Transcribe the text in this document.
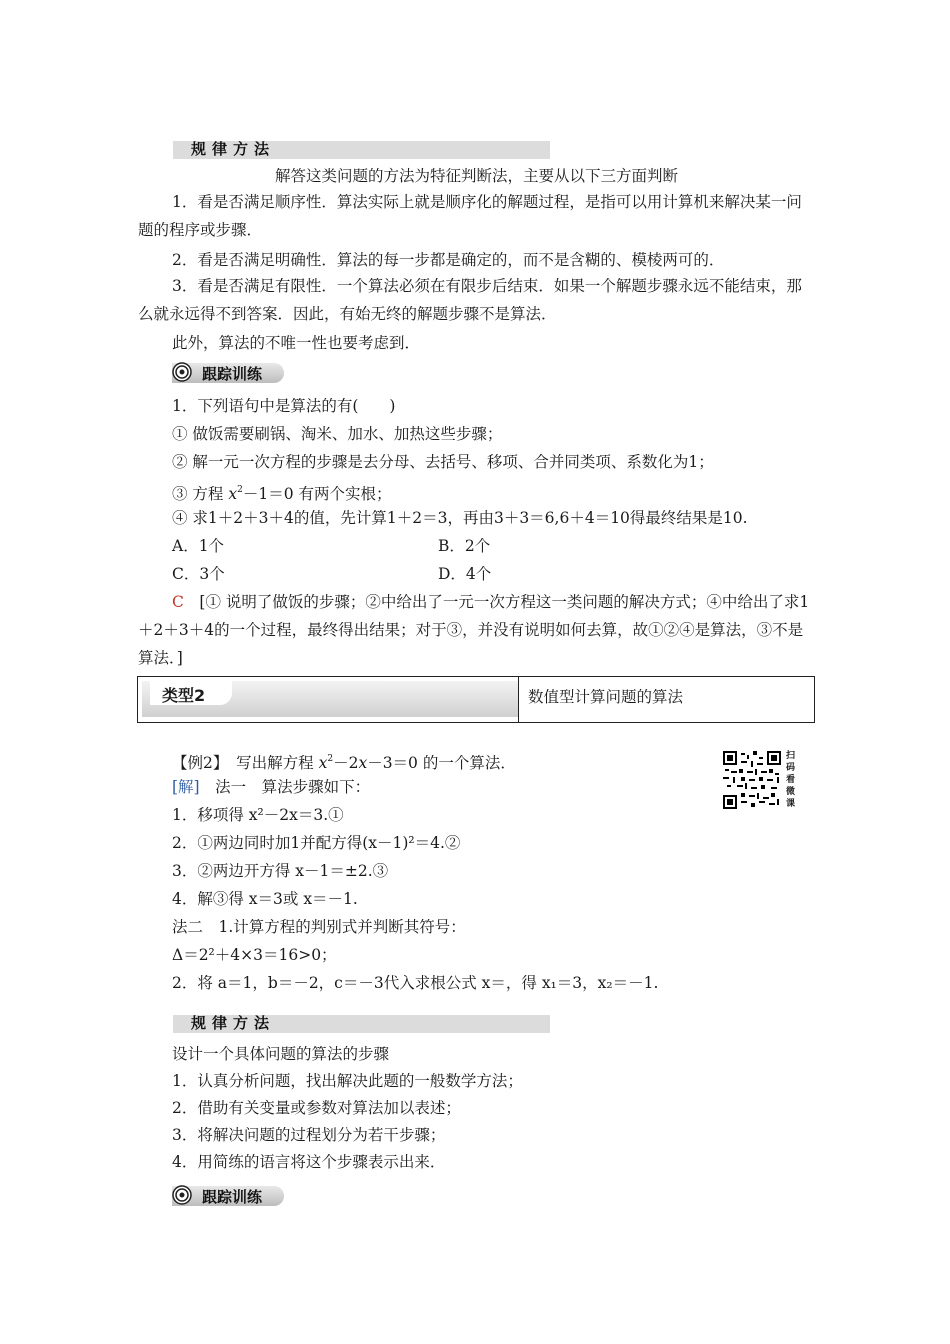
规律方法
解答这类问题的方法为特征判断法，主要从以下三方面判断
1．看是否满足顺序性．算法实际上就是顺序化的解题过程，是指可以用计算机来解决某一问题的程序或步骤．
2．看是否满足明确性．算法的每一步都是确定的，而不是含糊的、模棱两可的．
3．看是否满足有限性．一个算法必须在有限步后结束．如果一个解题步骤永远不能结束，那么就永远得不到答案．因此，有始无终的解题步骤不是算法．
此外，算法的不唯一性也要考虑到．
跟踪训练
1．下列语句中是算法的有(　　)
① 做饭需要刷锅、淘米、加水、加热这些步骤；
② 解一元一次方程的步骤是去分母、去括号、移项、合并同类项、系数化为1；
③ 方程 $x^2-1=0$ 有两个实根；
④ 求1＋2＋3＋4的值，先计算1＋2＝3，再由3＋3＝6,6＋4＝10得最终结果是10.
A．1个	B．2个
C．3个	D．4个
C　 [① 说明了做饭的步骤；②中给出了一元一次方程这一类问题的解决方式；④中给出了求1＋2＋3＋4的一个过程，最终得出结果；对于③，并没有说明如何去算，故①②④是算法，③不是算法．]
类型2	数值型计算问题的算法
【例2】　 写出解方程 $x^2-2x-3=0$ 的一个算法．	扫码看微课
[解]　 法一　算法步骤如下：
1．移项得 x²－2x＝3.①
2．①两边同时加1并配方得(x－1)²＝4.②
3．②两边开方得 x－1＝±2.③
4．解③得 x＝3或 x＝－1.
法二　1.计算方程的判别式并判断其符号：
Δ＝2²＋4×3＝16>0；
2．将 a＝1，b＝－2，c＝－3代入求根公式 x＝，得 x₁＝3，x₂＝－1.
规律方法
设计一个具体问题的算法的步骤
1．认真分析问题，找出解决此题的一般数学方法；
2．借助有关变量或参数对算法加以表述；
3．将解决问题的过程划分为若干步骤；
4．用简练的语言将这个步骤表示出来．
跟踪训练
